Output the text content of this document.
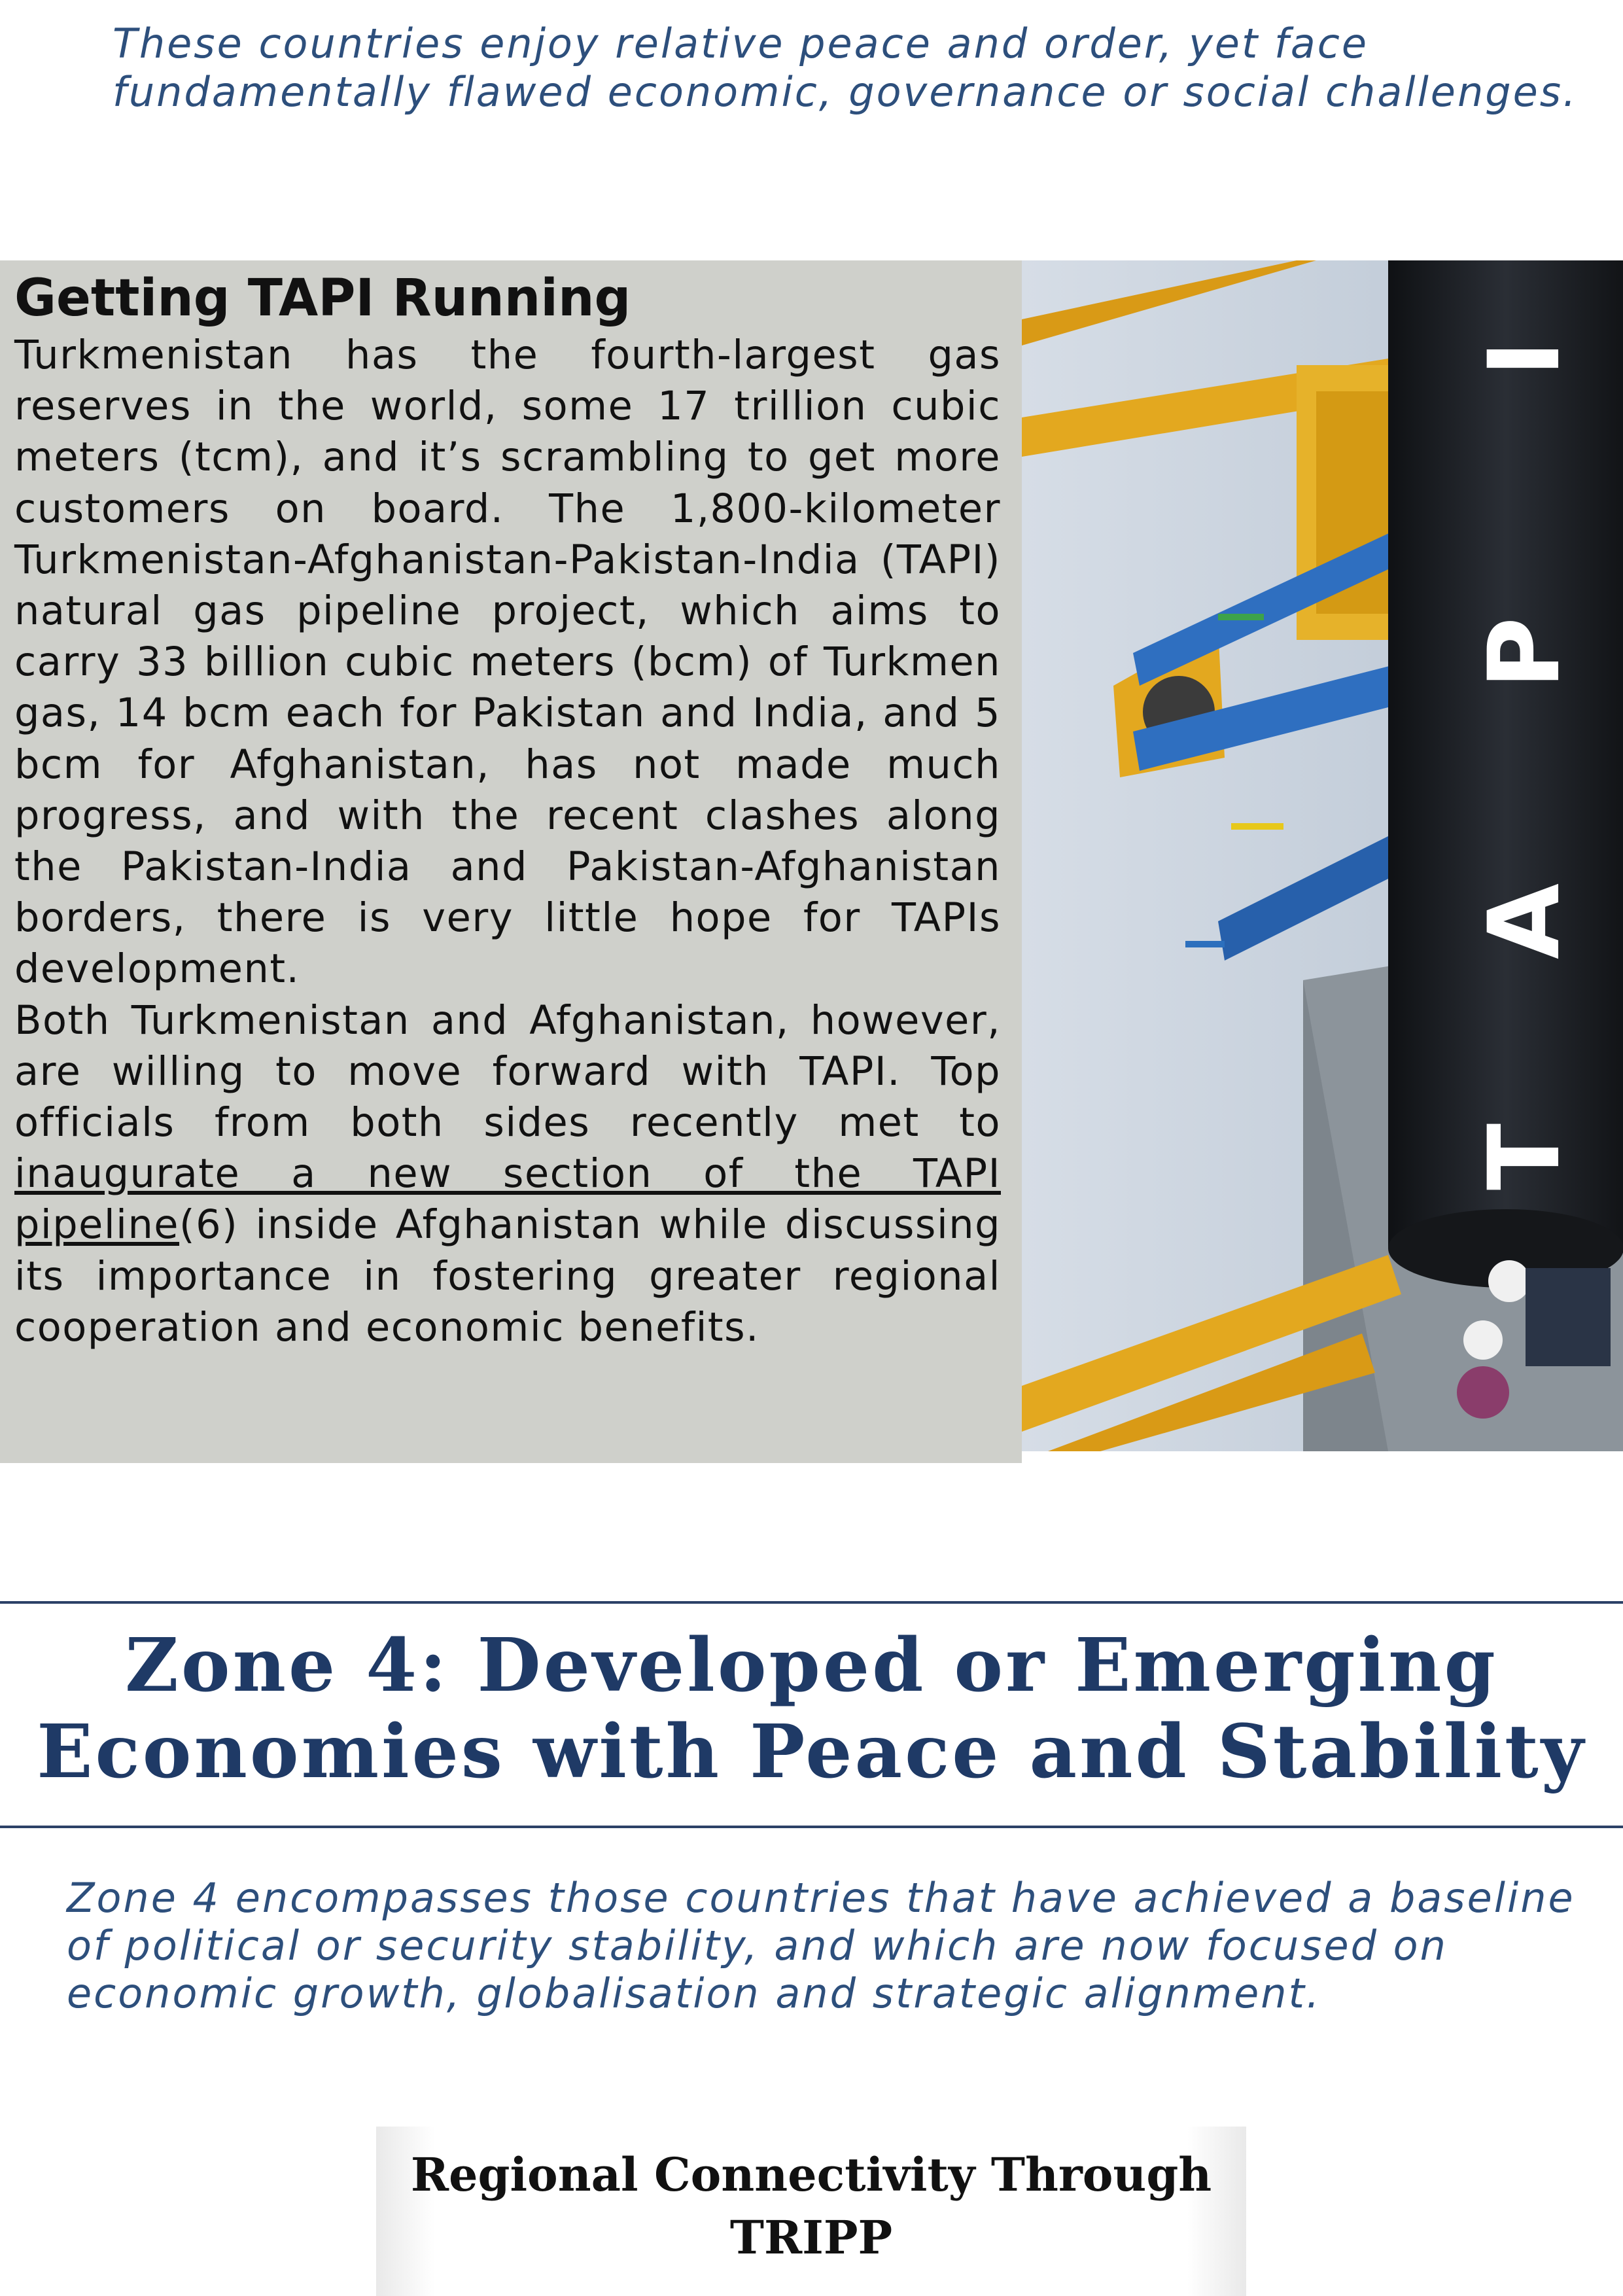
These countries enjoy relative peace and order, yet face
fundamentally flawed economic, governance or social challenges.
Getting TAPI Running

Turkmenistan has the fourth-largest gas reserves in the world, some 17 trillion cubic meters (tcm), and it’s scrambling to get more customers on board. The 1,800-kilometer Turkmenistan-Afghanistan-Pakistan-India (TAPI) natural gas pipeline project, which aims to carry 33 billion cubic meters (bcm) of Turkmen gas, 14 bcm each for Pakistan and India, and 5 bcm for Afghanistan, has not made much progress, and with the recent clashes along the Pakistan-India and Pakistan-Afghanistan borders, there is very little hope for TAPIs development.

Both Turkmenistan and Afghanistan, however, are willing to move forward with TAPI. Top officials from both sides recently met to inaugurate a new section of the TAPI pipeline(6) inside Afghanistan while discussing its importance in fostering greater regional cooperation and economic benefits.

I
P
A
T
Zone 4: Developed or Emerging
Economies with Peace and Stability
Zone 4 encompasses those countries that have achieved a baseline
of political or security stability, and which are now focused on
economic growth, globalisation and strategic alignment.
Regional Connectivity Through
TRIPP
